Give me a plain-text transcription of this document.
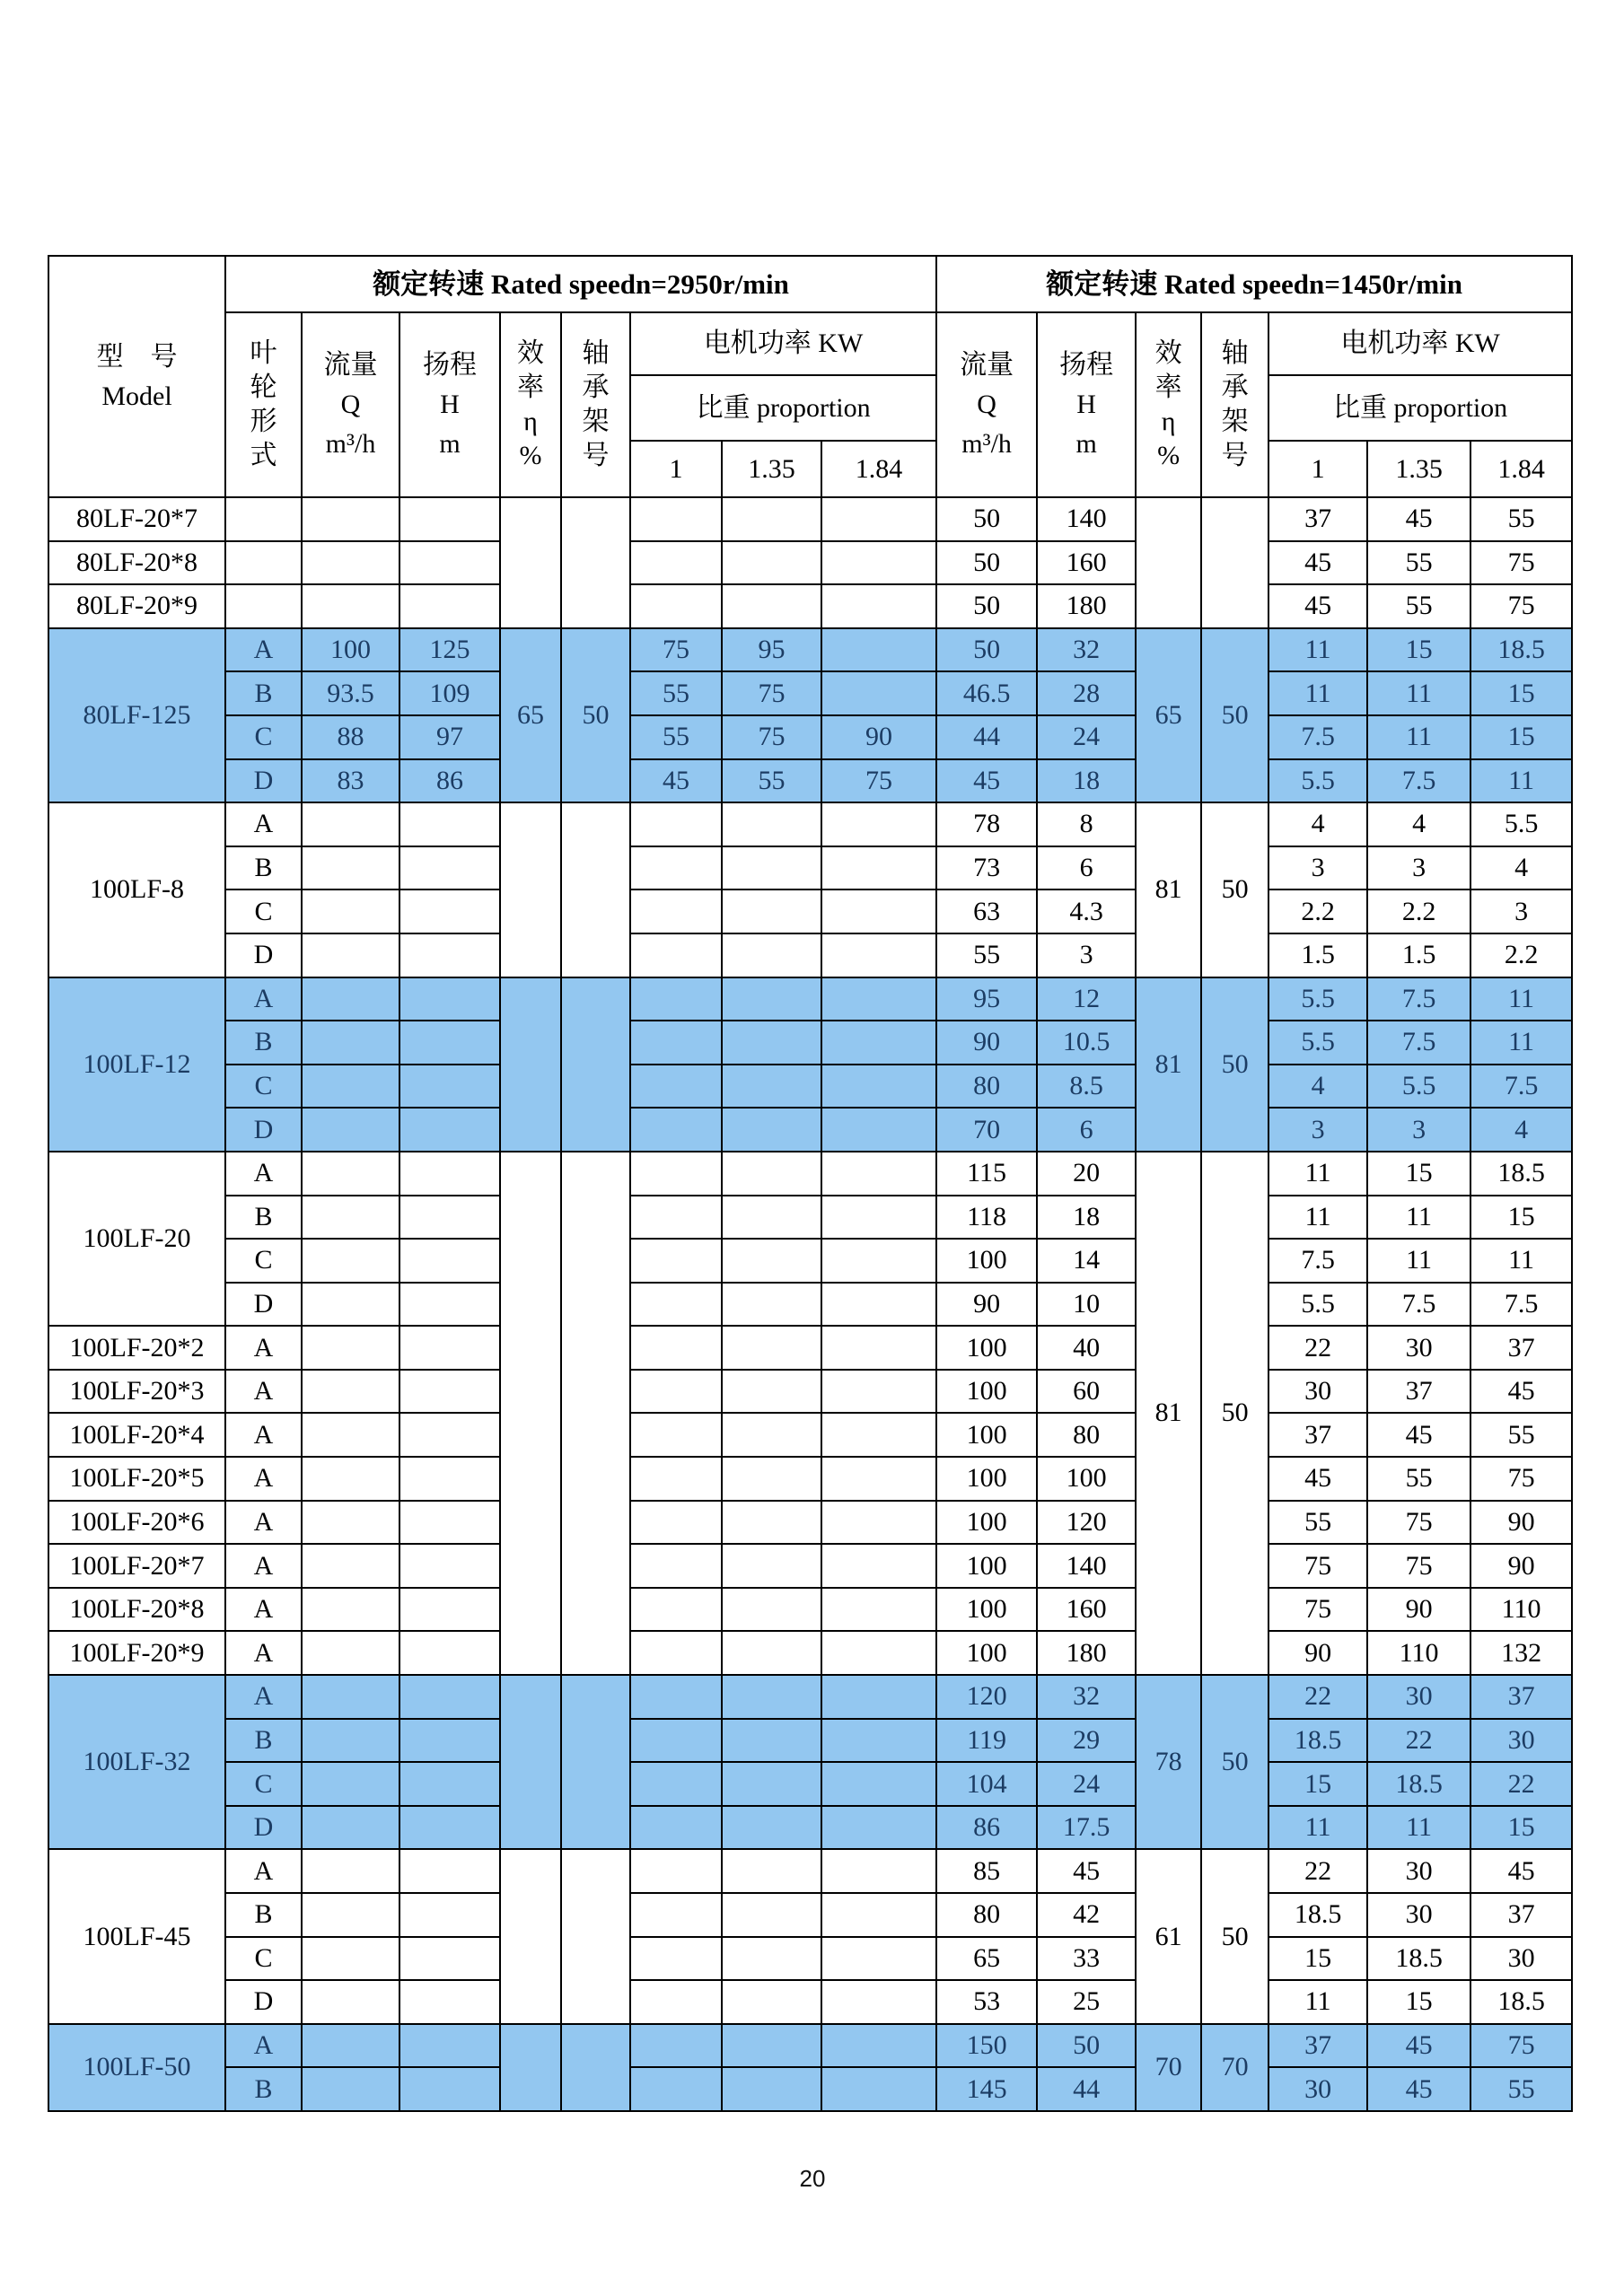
型　号
Model	额定转速 Rated speedn=2950r/min								额定转速 Rated speedn=1450r/min						

	叶
轮
形
式	流量
Q
m³/h	扬程
H
m	效
率
η
%	轴
承
架
号	电机功率 KW			流量
Q
m³/h	扬程
H
m	效
率
η
%	轴
承
架
号	电机功率 KW		
						比重 proportion							比重 proportion		
						1	1.35	1.84					1	1.35	1.84
80LF-20*7									50	140			37	45	55
80LF-20*8									50	160			45	55	75
80LF-20*9									50	180			45	55	75
80LF-125	A	100	125	65	50	75	95		50	32	65	50	11	15	18.5
	B	93.5	109			55	75		46.5	28			11	11	15
	C	88	97			55	75	90	44	24			7.5	11	15
	D	83	86			45	55	75	45	18			5.5	7.5	11
100LF-8	A								78	8	81	50	4	4	5.5
	B								73	6			3	3	4
	C								63	4.3			2.2	2.2	3
	D								55	3			1.5	1.5	2.2
100LF-12	A								95	12	81	50	5.5	7.5	11
	B								90	10.5			5.5	7.5	11
	C								80	8.5			4	5.5	7.5
	D								70	6			3	3	4
100LF-20	A								115	20	81	50	11	15	18.5
	B								118	18			11	11	15
	C								100	14			7.5	11	11
	D								90	10			5.5	7.5	7.5
100LF-20*2	A								100	40			22	30	37
100LF-20*3	A								100	60			30	37	45
100LF-20*4	A								100	80			37	45	55
100LF-20*5	A								100	100			45	55	75
100LF-20*6	A								100	120			55	75	90
100LF-20*7	A								100	140			75	75	90
100LF-20*8	A								100	160			75	90	110
100LF-20*9	A								100	180			90	110	132
100LF-32	A								120	32	78	50	22	30	37
	B								119	29			18.5	22	30
	C								104	24			15	18.5	22
	D								86	17.5			11	11	15
100LF-45	A								85	45	61	50	22	30	45
	B								80	42			18.5	30	37
	C								65	33			15	18.5	30
	D								53	25			11	15	18.5
100LF-50	A								150	50	70	70	37	45	75
	B								145	44			30	45	55
20
